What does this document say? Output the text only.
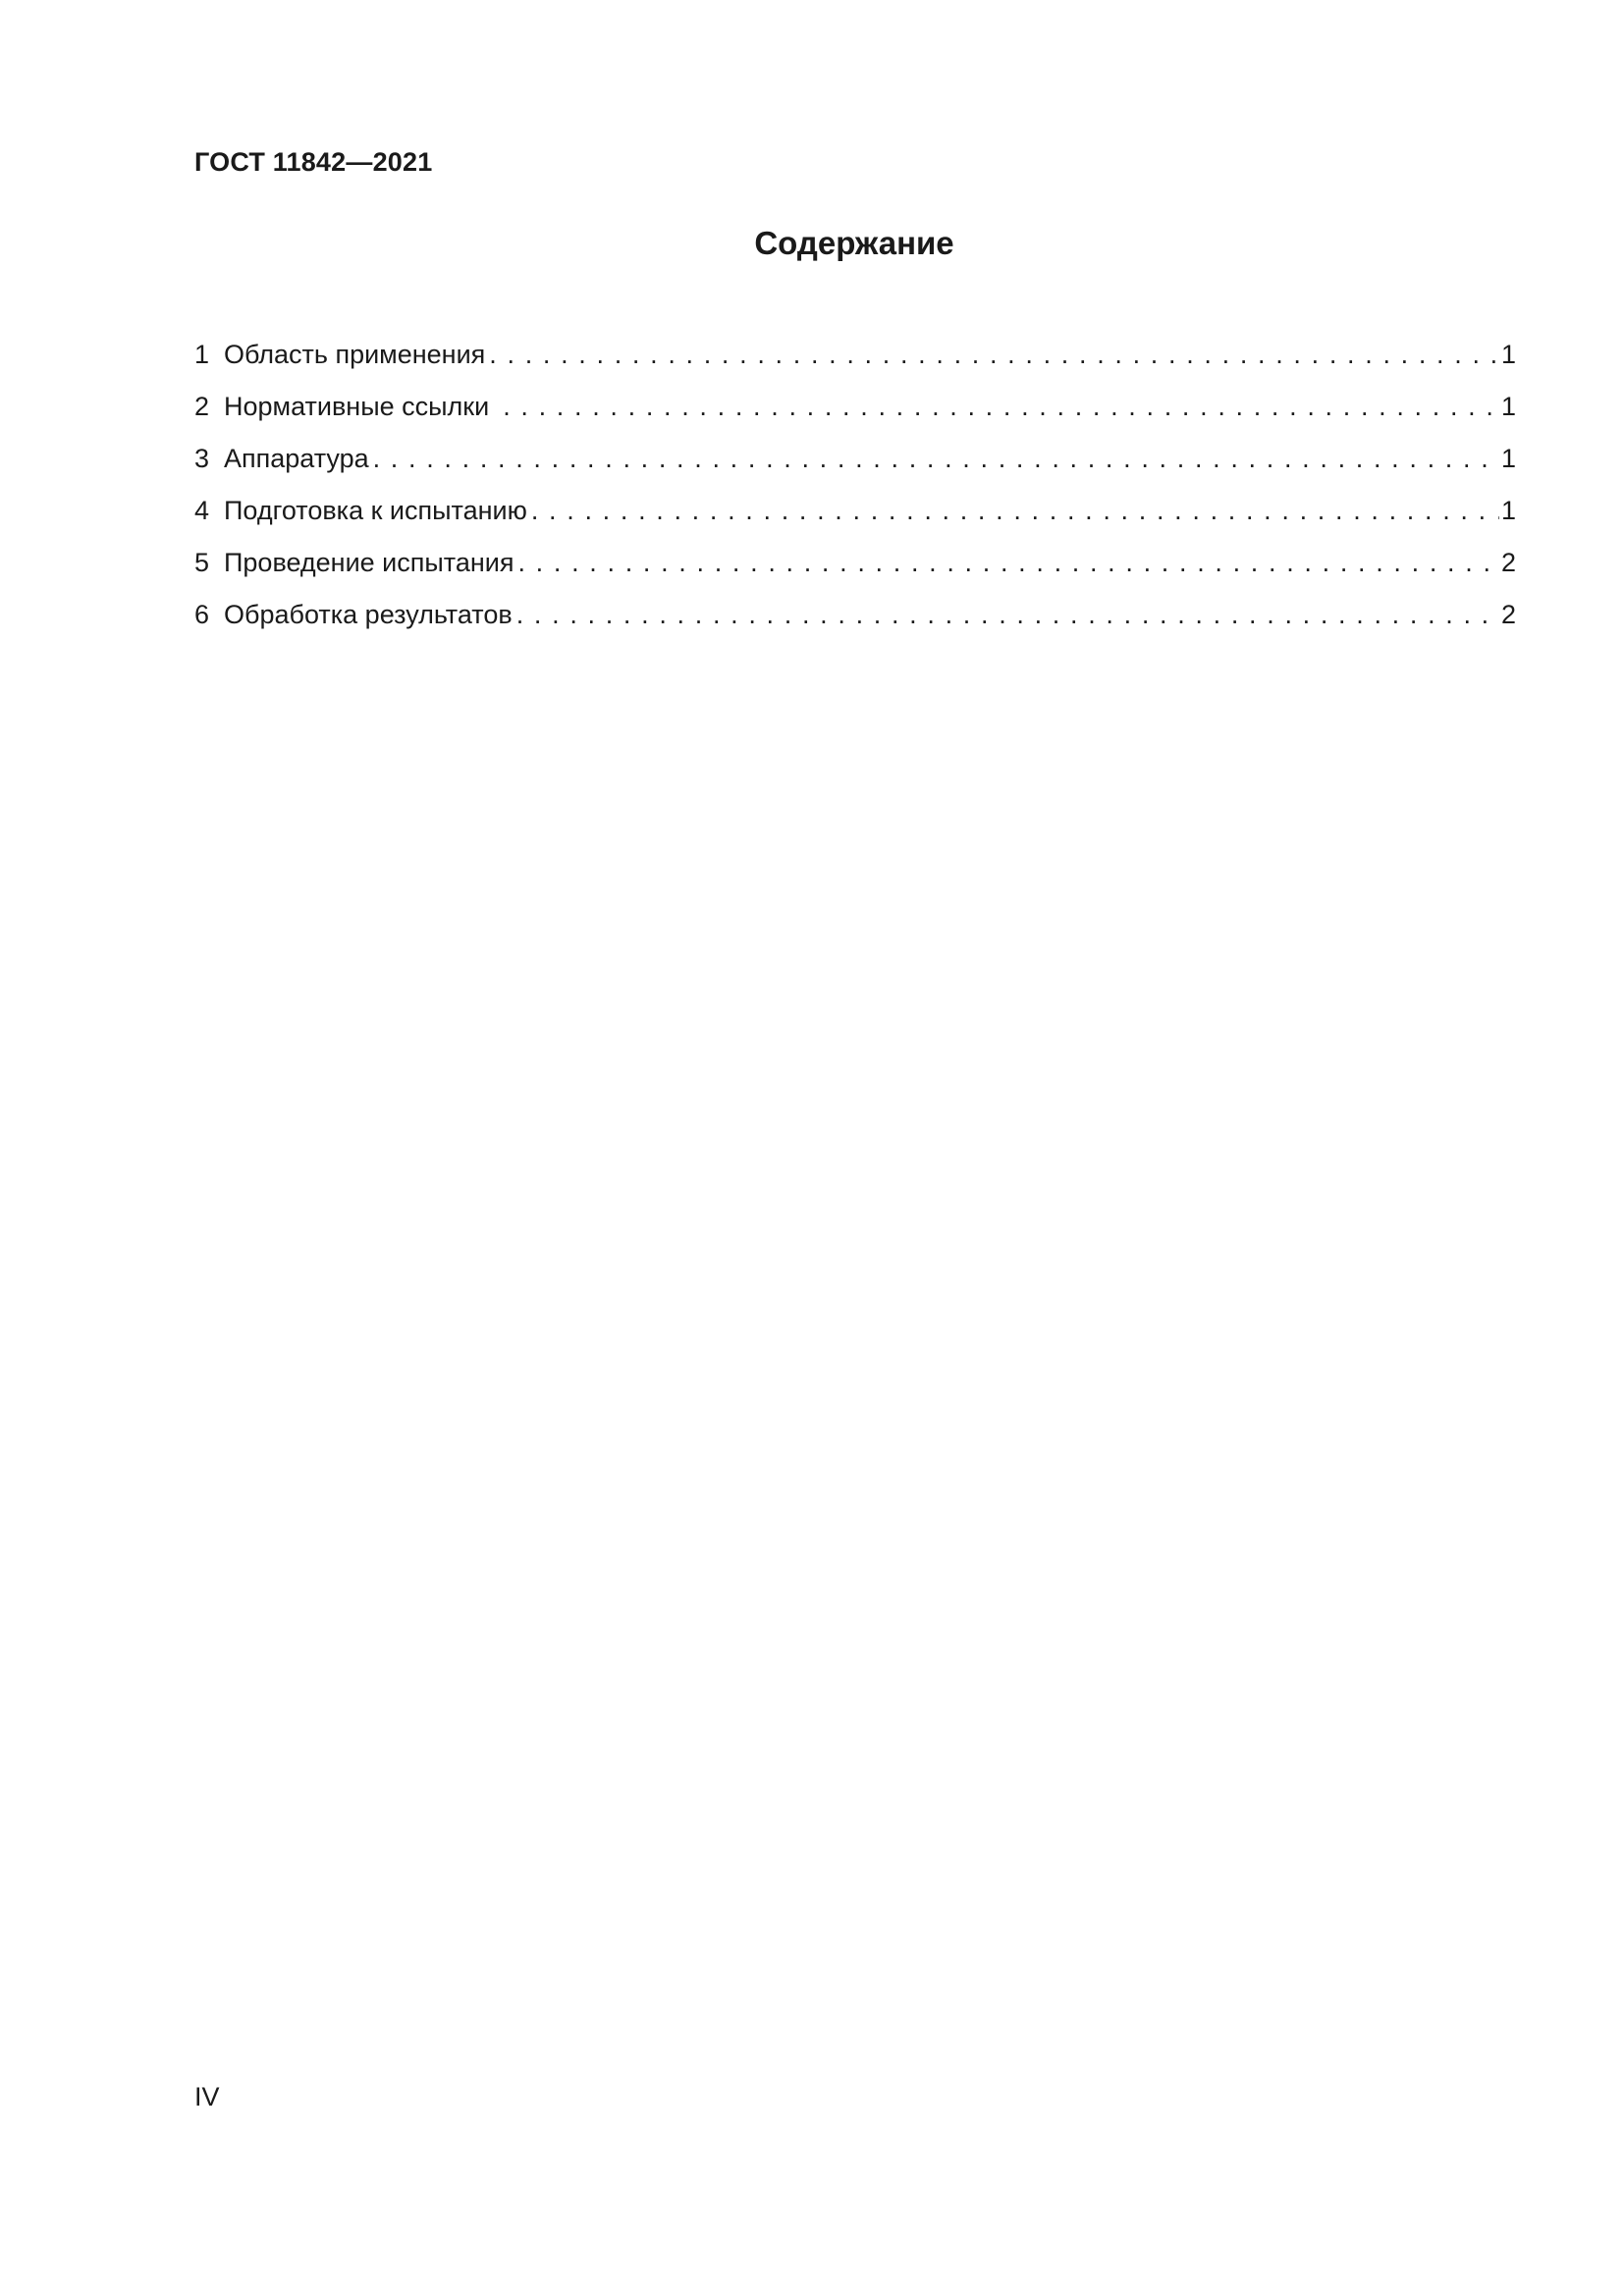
ГОСТ 11842—2021
Содержание
1 Область применения . . .	1
2 Нормативные ссылки . . .	1
3 Аппаратура . . .	1
4 Подготовка к испытанию . . .	1
5 Проведение испытания . . .	2
6 Обработка результатов . . .	2
IV
